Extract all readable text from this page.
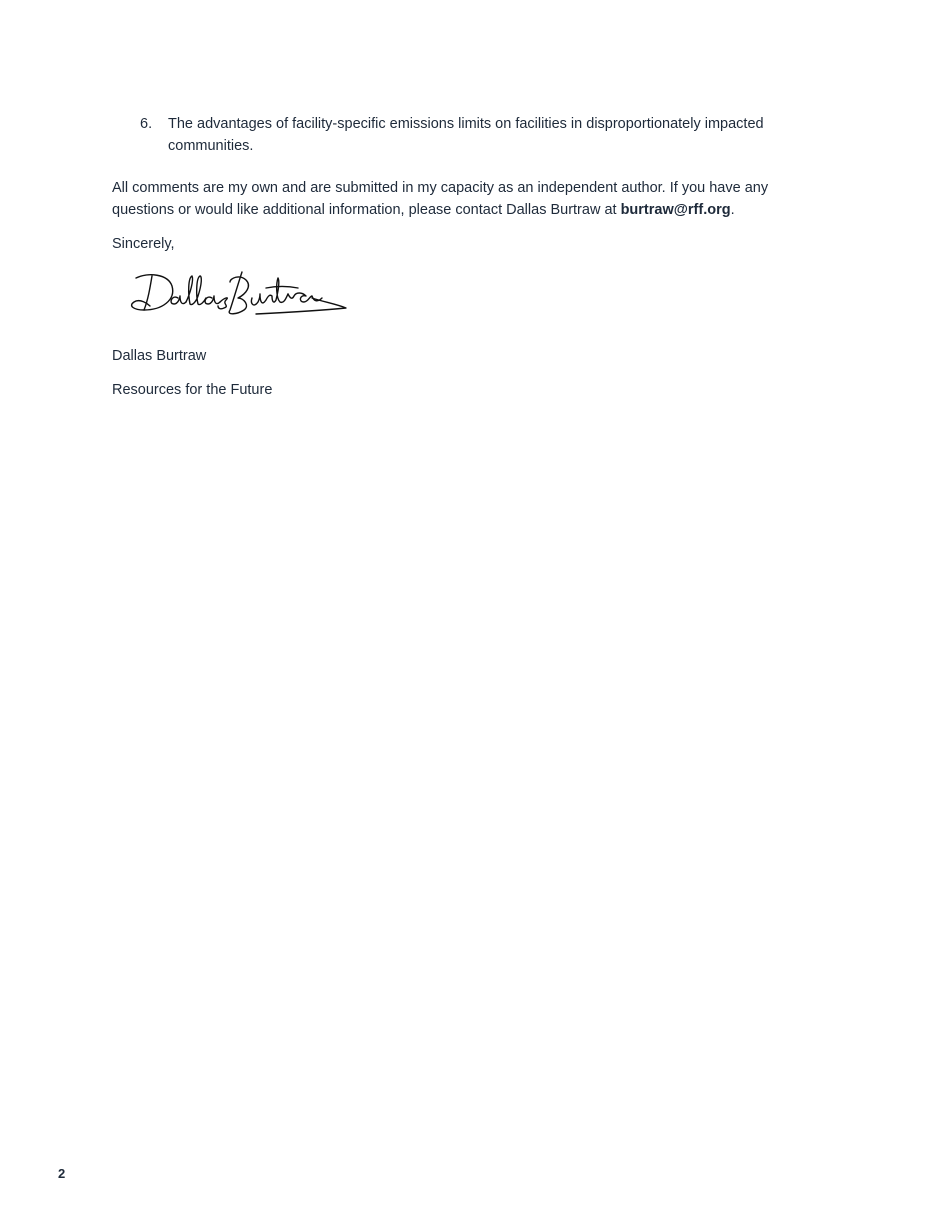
6. The advantages of facility-specific emissions limits on facilities in disproportionately impacted communities.
All comments are my own and are submitted in my capacity as an independent author. If you have any questions or would like additional information, please contact Dallas Burtraw at burtraw@rff.org.
Sincerely,
Dallas Burtraw
Resources for the Future
2
